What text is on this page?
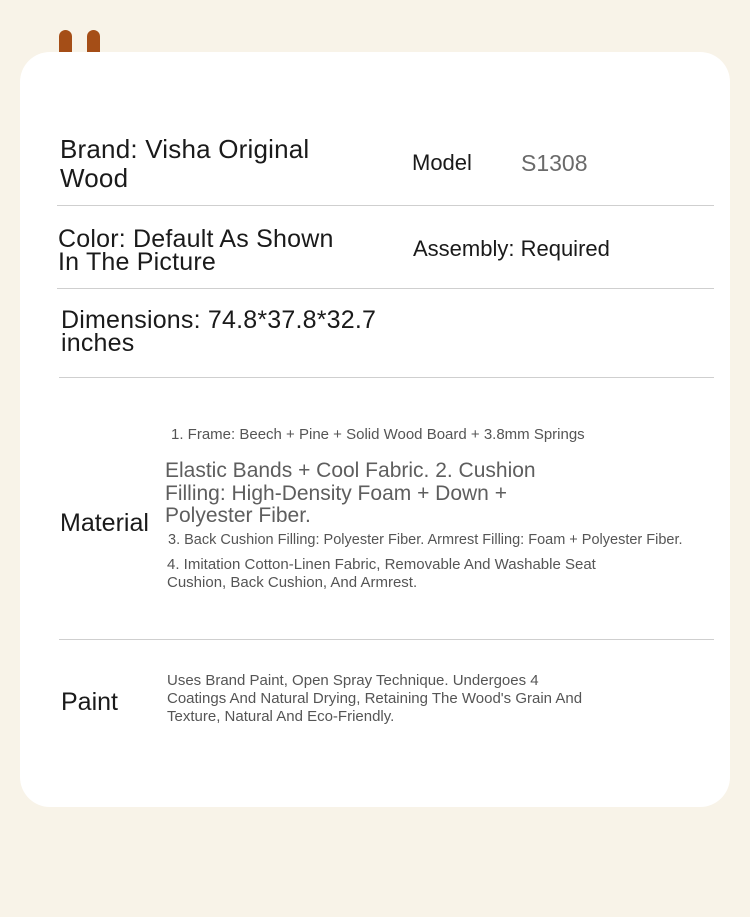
Brand: Visha Original Wood
Model S1308
Color: Default As Shown In The Picture	Assembly: Required
Dimensions: 74.8*37.8*32.7 inches
Material
1. Frame: Beech + Pine + Solid Wood Board + 3.8mm Springs
Elastic Bands + Cool Fabric. 2. Cushion Filling: High-Density Foam + Down + Polyester Fiber.
3. Back Cushion Filling: Polyester Fiber. Armrest Filling: Foam + Polyester Fiber.
4. Imitation Cotton-Linen Fabric, Removable And Washable Seat Cushion, Back Cushion, And Armrest.
Paint
Uses Brand Paint, Open Spray Technique. Undergoes 4 Coatings And Natural Drying, Retaining The Wood's Grain And Texture, Natural And Eco-Friendly.
